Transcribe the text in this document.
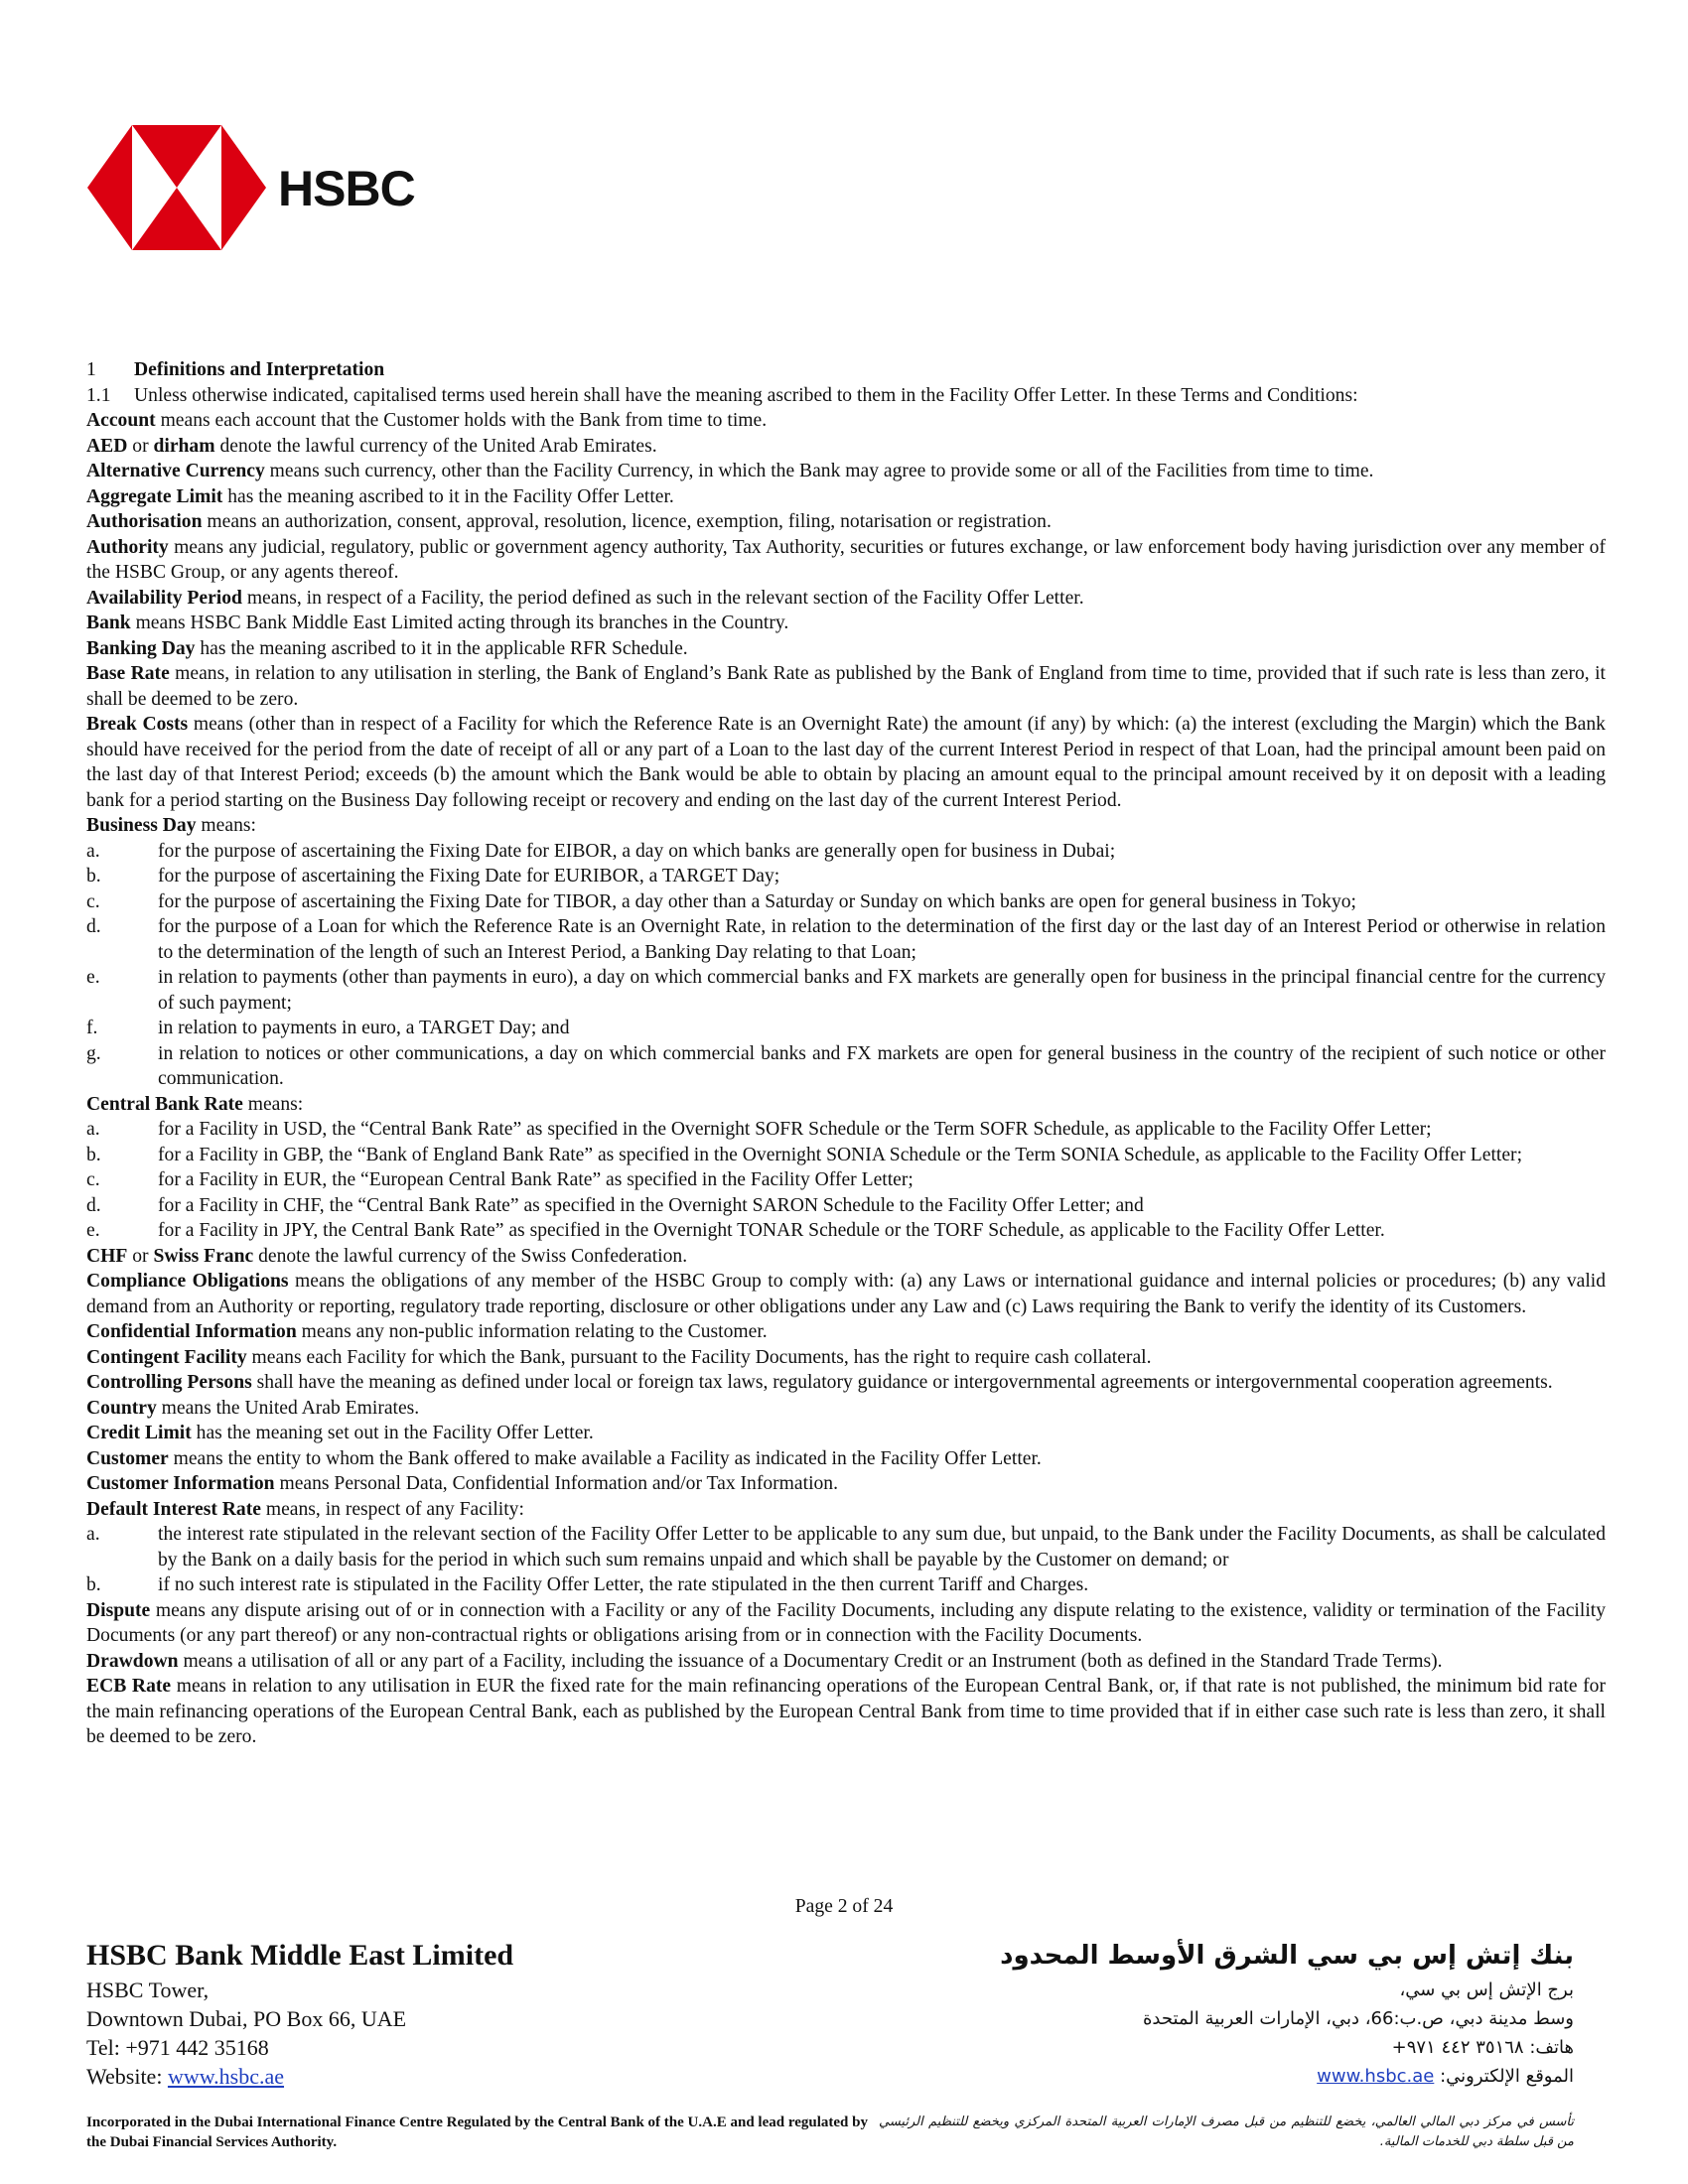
HSBC
1	Definitions and Interpretation
1.1	Unless otherwise indicated, capitalised terms used herein shall have the meaning ascribed to them in the Facility Offer Letter. In these Terms and Conditions:

Account means each account that the Customer holds with the Bank from time to time.

AED or dirham denote the lawful currency of the United Arab Emirates.

Alternative Currency means such currency, other than the Facility Currency, in which the Bank may agree to provide some or all of the Facilities from time to time.

Aggregate Limit has the meaning ascribed to it in the Facility Offer Letter.

Authorisation means an authorization, consent, approval, resolution, licence, exemption, filing, notarisation or registration.

Authority means any judicial, regulatory, public or government agency authority, Tax Authority, securities or futures exchange, or law enforcement body having jurisdiction over any member of the HSBC Group, or any agents thereof.

Availability Period means, in respect of a Facility, the period defined as such in the relevant section of the Facility Offer Letter.

Bank means HSBC Bank Middle East Limited acting through its branches in the Country.

Banking Day has the meaning ascribed to it in the applicable RFR Schedule.

Base Rate means, in relation to any utilisation in sterling, the Bank of England’s Bank Rate as published by the Bank of England from time to time, provided that if such rate is less than zero, it shall be deemed to be zero.

Break Costs means (other than in respect of a Facility for which the Reference Rate is an Overnight Rate) the amount (if any) by which: (a) the interest (excluding the Margin) which the Bank should have received for the period from the date of receipt of all or any part of a Loan to the last day of the current Interest Period in respect of that Loan, had the principal amount been paid on the last day of that Interest Period; exceeds (b) the amount which the Bank would be able to obtain by placing an amount equal to the principal amount received by it on deposit with a leading bank for a period starting on the Business Day following receipt or recovery and ending on the last day of the current Interest Period.

Business Day means:

a.	for the purpose of ascertaining the Fixing Date for EIBOR, a day on which banks are generally open for business in Dubai;
b.	for the purpose of ascertaining the Fixing Date for EURIBOR, a TARGET Day;
c.	for the purpose of ascertaining the Fixing Date for TIBOR, a day other than a Saturday or Sunday on which banks are open for general business in Tokyo;
d.	for the purpose of a Loan for which the Reference Rate is an Overnight Rate, in relation to the determination of the first day or the last day of an Interest Period or otherwise in relation to the determination of the length of such an Interest Period, a Banking Day relating to that Loan;
e.	in relation to payments (other than payments in euro), a day on which commercial banks and FX markets are generally open for business in the principal financial centre for the currency of such payment;
f.	in relation to payments in euro, a TARGET Day; and
g.	in relation to notices or other communications, a day on which commercial banks and FX markets are open for general business in the country of the recipient of such notice or other communication.

Central Bank Rate means:

a.	for a Facility in USD, the “Central Bank Rate” as specified in the Overnight SOFR Schedule or the Term SOFR Schedule, as applicable to the Facility Offer Letter;
b.	for a Facility in GBP, the “Bank of England Bank Rate” as specified in the Overnight SONIA Schedule or the Term SONIA Schedule, as applicable to the Facility Offer Letter;
c.	for a Facility in EUR, the “European Central Bank Rate” as specified in the Facility Offer Letter;
d.	for a Facility in CHF, the “Central Bank Rate” as specified in the Overnight SARON Schedule to the Facility Offer Letter; and
e.	for a Facility in JPY, the Central Bank Rate” as specified in the Overnight TONAR Schedule or the TORF Schedule, as applicable to the Facility Offer Letter.

CHF or Swiss Franc denote the lawful currency of the Swiss Confederation.

Compliance Obligations means the obligations of any member of the HSBC Group to comply with: (a) any Laws or international guidance and internal policies or procedures; (b) any valid demand from an Authority or reporting, regulatory trade reporting, disclosure or other obligations under any Law and (c) Laws requiring the Bank to verify the identity of its Customers.

Confidential Information means any non-public information relating to the Customer.

Contingent Facility means each Facility for which the Bank, pursuant to the Facility Documents, has the right to require cash collateral.

Controlling Persons shall have the meaning as defined under local or foreign tax laws, regulatory guidance or intergovernmental agreements or intergovernmental cooperation agreements.

Country means the United Arab Emirates.

Credit Limit has the meaning set out in the Facility Offer Letter.

Customer means the entity to whom the Bank offered to make available a Facility as indicated in the Facility Offer Letter.

Customer Information means Personal Data, Confidential Information and/or Tax Information.

Default Interest Rate means, in respect of any Facility:

a.	the interest rate stipulated in the relevant section of the Facility Offer Letter to be applicable to any sum due, but unpaid, to the Bank under the Facility Documents, as shall be calculated by the Bank on a daily basis for the period in which such sum remains unpaid and which shall be payable by the Customer on demand; or
b.	if no such interest rate is stipulated in the Facility Offer Letter, the rate stipulated in the then current Tariff and Charges.

Dispute means any dispute arising out of or in connection with a Facility or any of the Facility Documents, including any dispute relating to the existence, validity or termination of the Facility Documents (or any part thereof) or any non-contractual rights or obligations arising from or in connection with the Facility Documents.

Drawdown means a utilisation of all or any part of a Facility, including the issuance of a Documentary Credit or an Instrument (both as defined in the Standard Trade Terms).

ECB Rate means in relation to any utilisation in EUR the fixed rate for the main refinancing operations of the European Central Bank, or, if that rate is not published, the minimum bid rate for the main refinancing operations of the European Central Bank, each as published by the European Central Bank from time to time provided that if in either case such rate is less than zero, it shall be deemed to be zero.

Page 2 of 24
HSBC Bank Middle East Limited
HSBC Tower,
Downtown Dubai, PO Box 66, UAE
Tel: +971 442 35168
Website: www.hsbc.ae
بنك إتش إس بي سي الشرق الأوسط المحدود
برج الإتش إس بي سي،
وسط مدينة دبي، ص.ب:66، دبي، الإمارات العربية المتحدة
هاتف: ٣٥١٦٨ ٤٤٢ ٩٧١+
الموقع الإلكتروني: www.hsbc.ae
Incorporated in the Dubai International Finance Centre Regulated by the Central Bank of the U.A.E and lead regulated by the Dubai Financial Services Authority.
تأسس في مركز دبي المالي العالمي، يخضع للتنظيم من قبل مصرف الإمارات العربية المتحدة المركزي ويخضع للتنظيم الرئيسي من قبل سلطة دبي للخدمات المالية.
